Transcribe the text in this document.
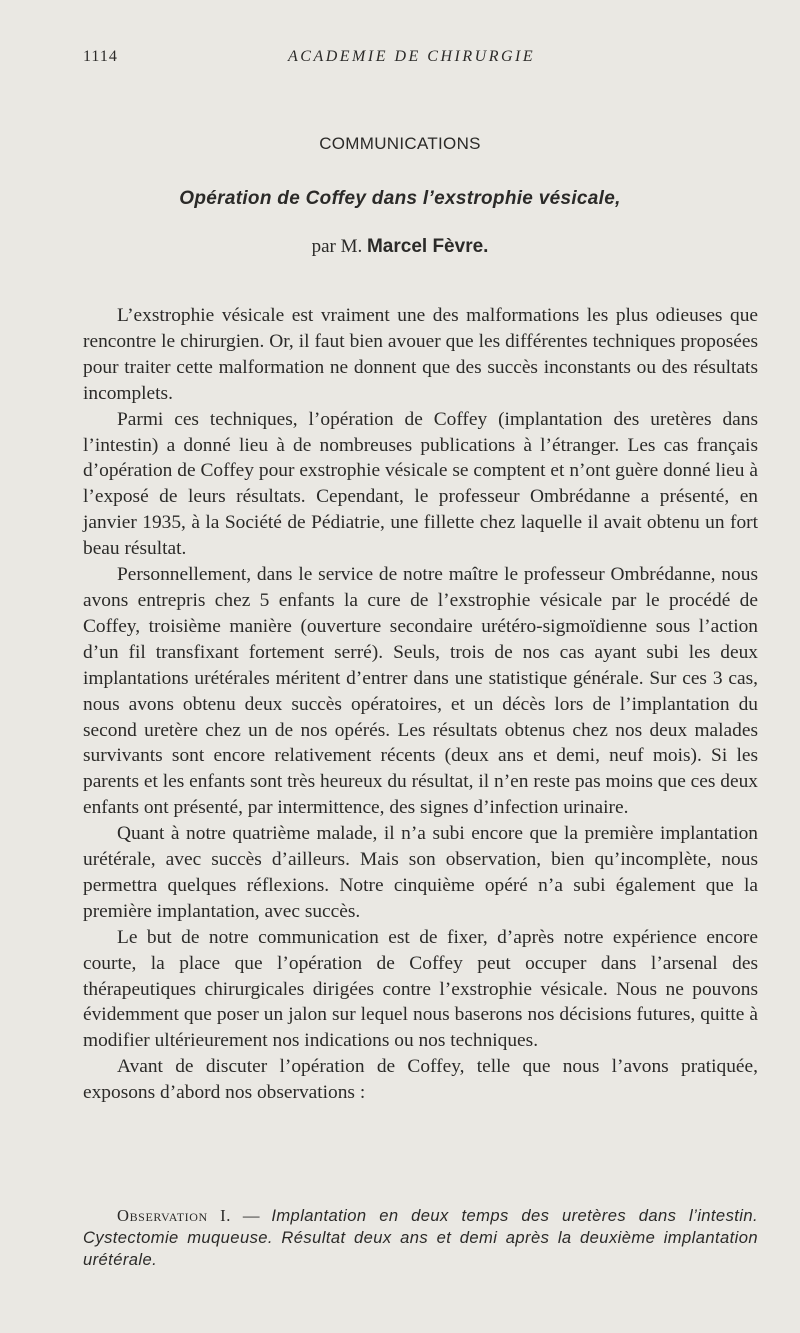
1114	ACADEMIE DE CHIRURGIE
COMMUNICATIONS
Opération de Coffey dans l’exstrophie vésicale,
par M. Marcel Fèvre.

L’exstrophie vésicale est vraiment une des malformations les plus odieuses que rencontre le chirurgien. Or, il faut bien avouer que les différentes techniques proposées pour traiter cette malformation ne donnent que des succès inconstants ou des résultats incomplets.

Parmi ces techniques, l’opération de Coffey (implantation des uretères dans l’intestin) a donné lieu à de nombreuses publications à l’étranger. Les cas français d’opération de Coffey pour exstrophie vésicale se comptent et n’ont guère donné lieu à l’exposé de leurs résultats. Cependant, le professeur Ombrédanne a présenté, en janvier 1935, à la Société de Pédiatrie, une fillette chez laquelle il avait obtenu un fort beau résultat.

Personnellement, dans le service de notre maître le professeur Ombrédanne, nous avons entrepris chez 5 enfants la cure de l’exstrophie vésicale par le procédé de Coffey, troisième manière (ouverture secondaire urétéro-sigmoïdienne sous l’action d’un fil transfixant fortement serré). Seuls, trois de nos cas ayant subi les deux implantations urétérales méritent d’entrer dans une statistique générale. Sur ces 3 cas, nous avons obtenu deux succès opératoires, et un décès lors de l’implantation du second uretère chez un de nos opérés. Les résultats obtenus chez nos deux malades survivants sont encore relativement récents (deux ans et demi, neuf mois). Si les parents et les enfants sont très heureux du résultat, il n’en reste pas moins que ces deux enfants ont présenté, par intermittence, des signes d’infection urinaire.

Quant à notre quatrième malade, il n’a subi encore que la première implantation urétérale, avec succès d’ailleurs. Mais son observation, bien qu’incomplète, nous permettra quelques réflexions. Notre cinquième opéré n’a subi également que la première implantation, avec succès.

Le but de notre communication est de fixer, d’après notre expérience encore courte, la place que l’opération de Coffey peut occuper dans l’arsenal des thérapeutiques chirurgicales dirigées contre l’exstrophie vésicale. Nous ne pouvons évidemment que poser un jalon sur lequel nous baserons nos décisions futures, quitte à modifier ultérieurement nos indications ou nos techniques.

Avant de discuter l’opération de Coffey, telle que nous l’avons pratiquée, exposons d’abord nos observations :

Observation I. — Implantation en deux temps des uretères dans l’intestin. Cystectomie muqueuse. Résultat deux ans et demi après la deuxième implantation urétérale.
